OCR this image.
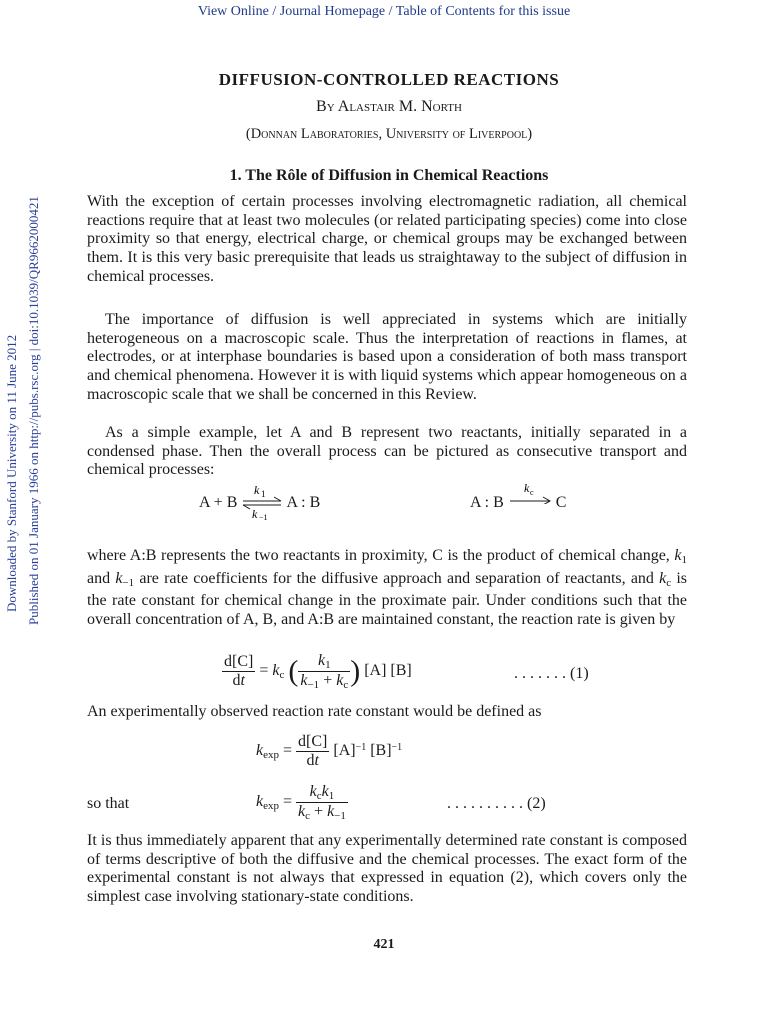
View Online / Journal Homepage / Table of Contents for this issue
Downloaded by Stanford University on 11 June 2012 Published on 01 January 1966 on http://pubs.rsc.org | doi:10.1039/QR9662000421
DIFFUSION-CONTROLLED REACTIONS
By Alastair M. North
(Donnan Laboratories, University of Liverpool)
1. The Rôle of Diffusion in Chemical Reactions

With the exception of certain processes involving electromagnetic radiation, all chemical reactions require that at least two molecules (or related participating species) come into close proximity so that energy, electrical charge, or chemical groups may be exchanged between them. It is this very basic prerequisite that leads us straightaway to the subject of diffusion in chemical processes.

The importance of diffusion is well appreciated in systems which are initially heterogeneous on a macroscopic scale. Thus the interpretation of reactions in flames, at electrodes, or at interphase boundaries is based upon a consideration of both mass transport and chemical phenomena. However it is with liquid systems which appear homogeneous on a macroscopic scale that we shall be concerned in this Review.

As a simple example, let A and B represent two reactants, initially separated in a condensed phase. Then the overall process can be pictured as consecutive transport and chemical processes:

A + B
k 1
k −1
A : B	A : B
k c
C

where A:B represents the two reactants in proximity, C is the product of chemical change, $k_1$ and $k_{-1}$ are rate coefficients for the diffusive approach and separation of reactants, and $k_c$ is the rate constant for chemical change in the proximate pair. Under conditions such that the overall concentration of A, B, and A:B are maintained constant, the reaction rate is given by

$\frac{d[C]}{dt} = k_c$ ( $\frac{k_1}{k_{-1} + k_c}$ ) [A] [B]	. . . . . . . (1)

An experimentally observed reaction rate constant would be defined as

$k_{exp} = \frac{d[C]}{dt} [A]^{-1}$ $[B]^{-1}$
so that	$k_{exp} = \frac{k_ck_1}{k_c + k_{-1}}$	. . . . . . . . . . (2)

It is thus immediately apparent that any experimentally determined rate constant is composed of terms descriptive of both the diffusive and the chemical processes. The exact form of the experimental constant is not always that expressed in equation (2), which covers only the simplest case involving stationary-state conditions.

421
